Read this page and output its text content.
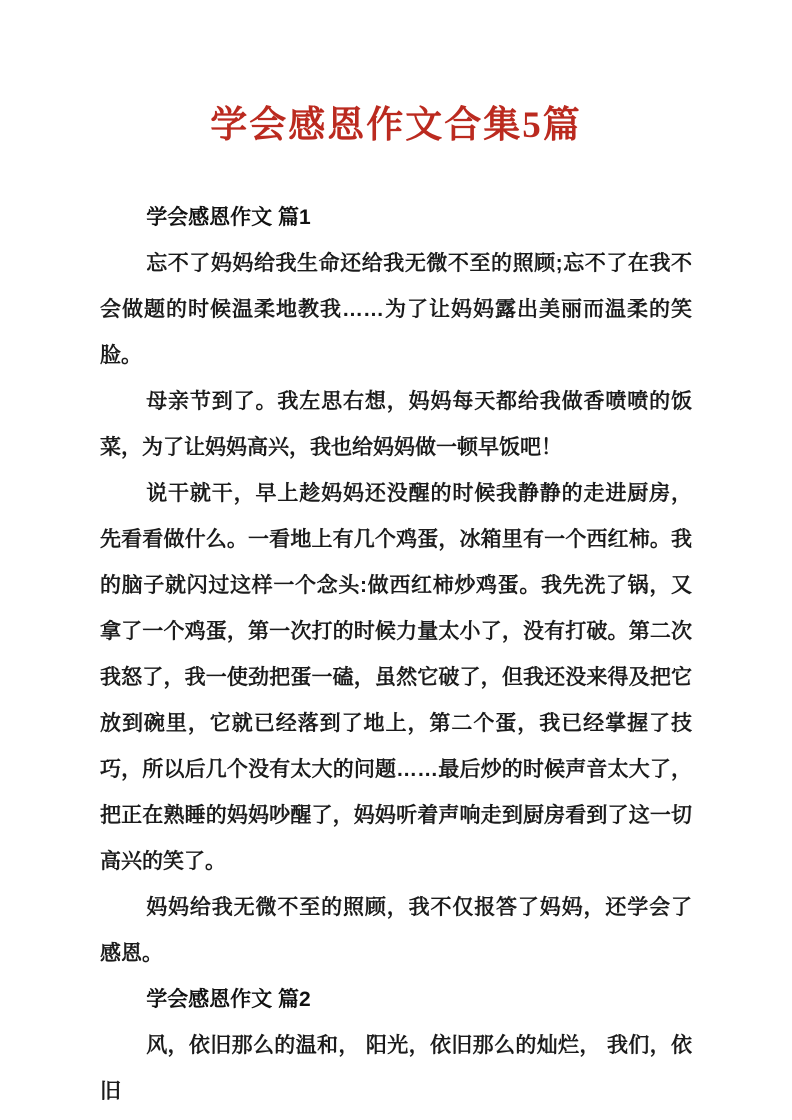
学会感恩作文合集5篇

学会感恩作文 篇1

忘不了妈妈给我生命还给我无微不至的照顾;忘不了在我不会做题的时候温柔地教我……为了让妈妈露出美丽而温柔的笑脸。

母亲节到了。我左思右想，妈妈每天都给我做香喷喷的饭菜，为了让妈妈高兴，我也给妈妈做一顿早饭吧！

说干就干，早上趁妈妈还没醒的时候我静静的走进厨房，先看看做什么。一看地上有几个鸡蛋，冰箱里有一个西红柿。我的脑子就闪过这样一个念头:做西红柿炒鸡蛋。我先洗了锅，又拿了一个鸡蛋，第一次打的时候力量太小了，没有打破。第二次我怒了，我一使劲把蛋一磕，虽然它破了，但我还没来得及把它放到碗里，它就已经落到了地上，第二个蛋，我已经掌握了技巧，所以后几个没有太大的问题……最后炒的时候声音太大了，把正在熟睡的妈妈吵醒了，妈妈听着声响走到厨房看到了这一切高兴的笑了。

妈妈给我无微不至的照顾，我不仅报答了妈妈，还学会了感恩。

学会感恩作文 篇2

风，依旧那么的温和， 阳光，依旧那么的灿烂， 我们，依旧
